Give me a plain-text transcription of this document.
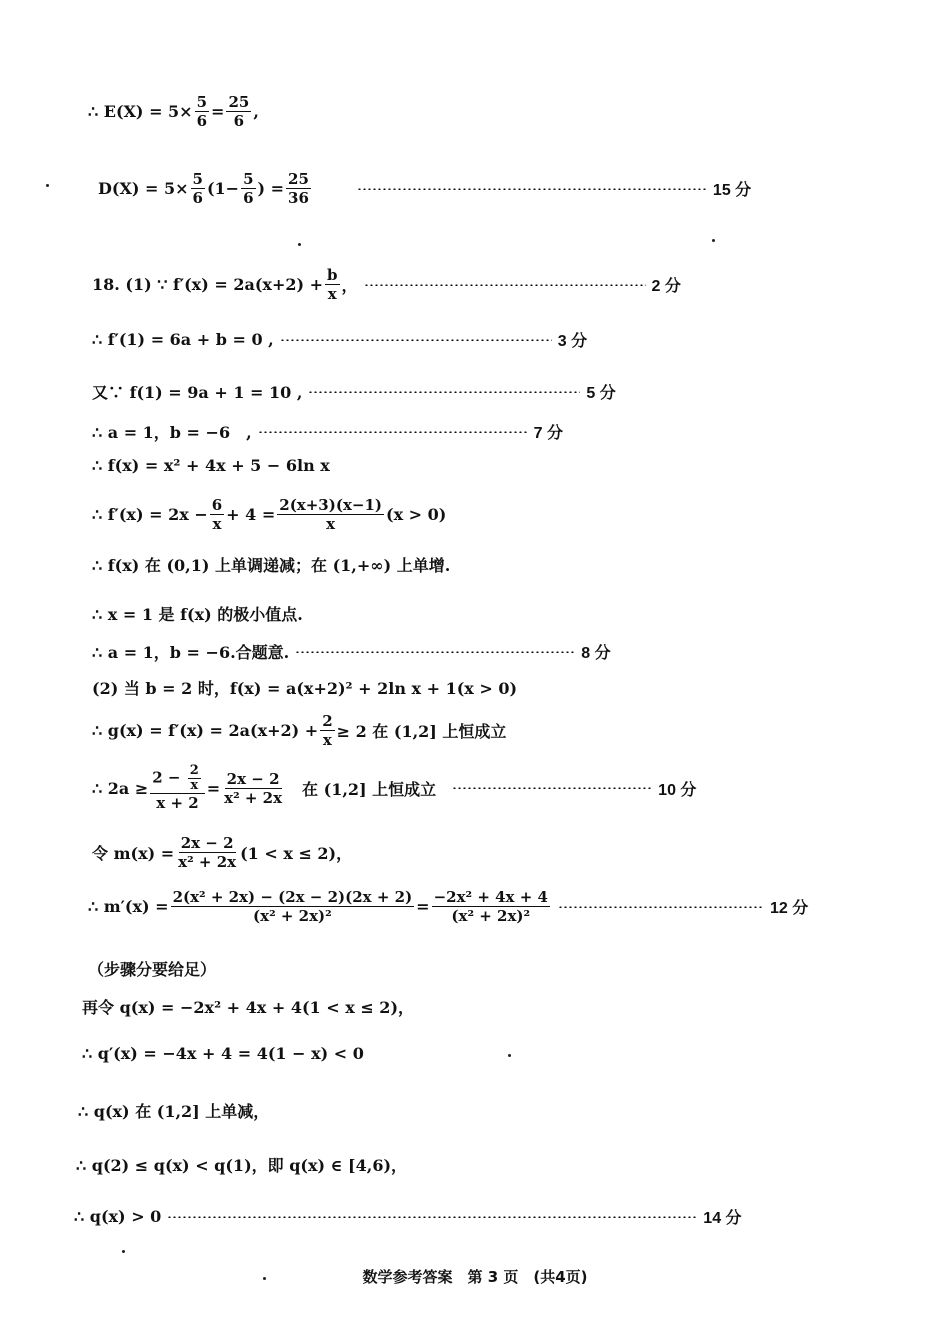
∴ $E(X) = 5\times \frac{5}{6} = \frac{25}{6}$ ,
$D(X) = 5\times \frac{5}{6} (1- \frac{5}{6}$ ) = $\frac{25}{36}$	15 分
18. (1) ∵ $f'(x) = 2a(x+2) + \frac{b}{x}$ ，	2 分
∴ f′(1) = 6a + b = 0 ,	3 分
又∵ f(1) = 9a + 1 = 10 ,	5 分
∴ a = 1，b = −6　,	7 分
∴ f(x) = x² + 4x + 5 − 6ln x
∴ $f'(x) = 2x - \frac{6}{x} + 4 = \frac{2(x+3)(x-1)}{x} (x > 0)$
∴ f(x) 在 (0,1) 上单调递减；在 (1,+∞) 上单增.
∴ x = 1 是 f(x) 的极小值点.
∴ a = 1，b = −6.合题意.	8 分
(2) 当 b = 2 时，f(x) = a(x+2)² + 2ln x + 1(x > 0)
∴ $g(x) = f'(x) = 2a(x+2) + \frac{2}{x} \ge 2$ 在 (1,2] 上恒成立
∴ $2a \ge \frac{2 - \frac{2}{x}}{x + 2} = \frac{2x - 2}{\text{x² + 2x}}$ 　在 (1,2] 上恒成立	10 分
令 $m(x) = \frac{2x - 2}{\text{x² + 2x}} (1 < x \le 2)$，
∴ $m'(x) = \frac{\text{2(x² + 2x) − (2x − 2)(2x + 2)}}{\text{(x² + 2x)²}} = \frac{\text{−2x² + 4x + 4}}{\text{(x² + 2x)²}}$	12 分
（步骤分要给足）
再令 q(x) = −2x² + 4x + 4(1 < x ≤ 2)，
∴ q′(x) = −4x + 4 = 4(1 − x) < 0
∴ q(x) 在 (1,2] 上单减，
∴ q(2) ≤ q(x) < q(1)，即 q(x) ∈ [4,6)，
∴ q(x) > 0	14 分
数学参考答案　第 3 页　(共4页)
